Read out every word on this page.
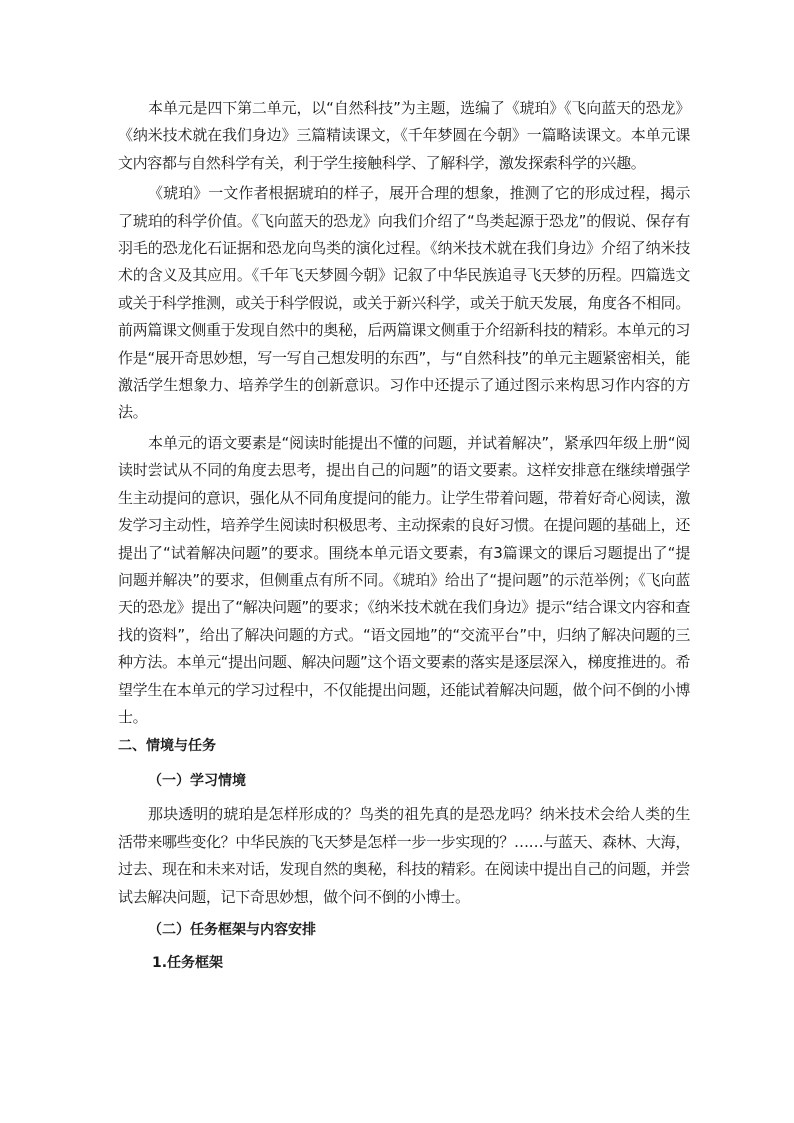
本单元是四下第二单元，以“自然科技”为主题，选编了《琥珀》《飞向蓝天的恐龙》《纳米技术就在我们身边》三篇精读课文，《千年梦圆在今朝》一篇略读课文。本单元课文内容都与自然科学有关，利于学生接触科学、了解科学，激发探索科学的兴趣。

《琥珀》一文作者根据琥珀的样子，展开合理的想象，推测了它的形成过程，揭示了琥珀的科学价值。《飞向蓝天的恐龙》向我们介绍了“鸟类起源于恐龙”的假说、保存有羽毛的恐龙化石证据和恐龙向鸟类的演化过程。《纳米技术就在我们身边》介绍了纳米技术的含义及其应用。《千年飞天梦圆今朝》记叙了中华民族追寻飞天梦的历程。四篇选文或关于科学推测，或关于科学假说，或关于新兴科学，或关于航天发展，角度各不相同。前两篇课文侧重于发现自然中的奥秘，后两篇课文侧重于介绍新科技的精彩。本单元的习作是“展开奇思妙想，写一写自己想发明的东西”，与“自然科技”的单元主题紧密相关，能激活学生想象力、培养学生的创新意识。习作中还提示了通过图示来构思习作内容的方法。

本单元的语文要素是“阅读时能提出不懂的问题，并试着解决”，紧承四年级上册“阅读时尝试从不同的角度去思考，提出自己的问题”的语文要素。这样安排意在继续增强学生主动提问的意识，强化从不同角度提问的能力。让学生带着问题，带着好奇心阅读，激发学习主动性，培养学生阅读时积极思考、主动探索的良好习惯。在提问题的基础上，还提出了“试着解决问题”的要求。围绕本单元语文要素，有3篇课文的课后习题提出了“提问题并解决”的要求，但侧重点有所不同。《琥珀》给出了“提问题”的示范举例；《飞向蓝天的恐龙》提出了“解决问题”的要求；《纳米技术就在我们身边》提示“结合课文内容和查找的资料”，给出了解决问题的方式。“语文园地”的“交流平台”中，归纳了解决问题的三种方法。本单元“提出问题、解决问题”这个语文要素的落实是逐层深入，梯度推进的。希望学生在本单元的学习过程中，不仅能提出问题，还能试着解决问题，做个问不倒的小博士。

二、情境与任务
（一）学习情境

那块透明的琥珀是怎样形成的？鸟类的祖先真的是恐龙吗？纳米技术会给人类的生活带来哪些变化？中华民族的飞天梦是怎样一步一步实现的？……与蓝天、森林、大海，过去、现在和未来对话，发现自然的奥秘，科技的精彩。在阅读中提出自己的问题，并尝试去解决问题，记下奇思妙想，做个问不倒的小博士。

（二）任务框架与内容安排
1.任务框架
